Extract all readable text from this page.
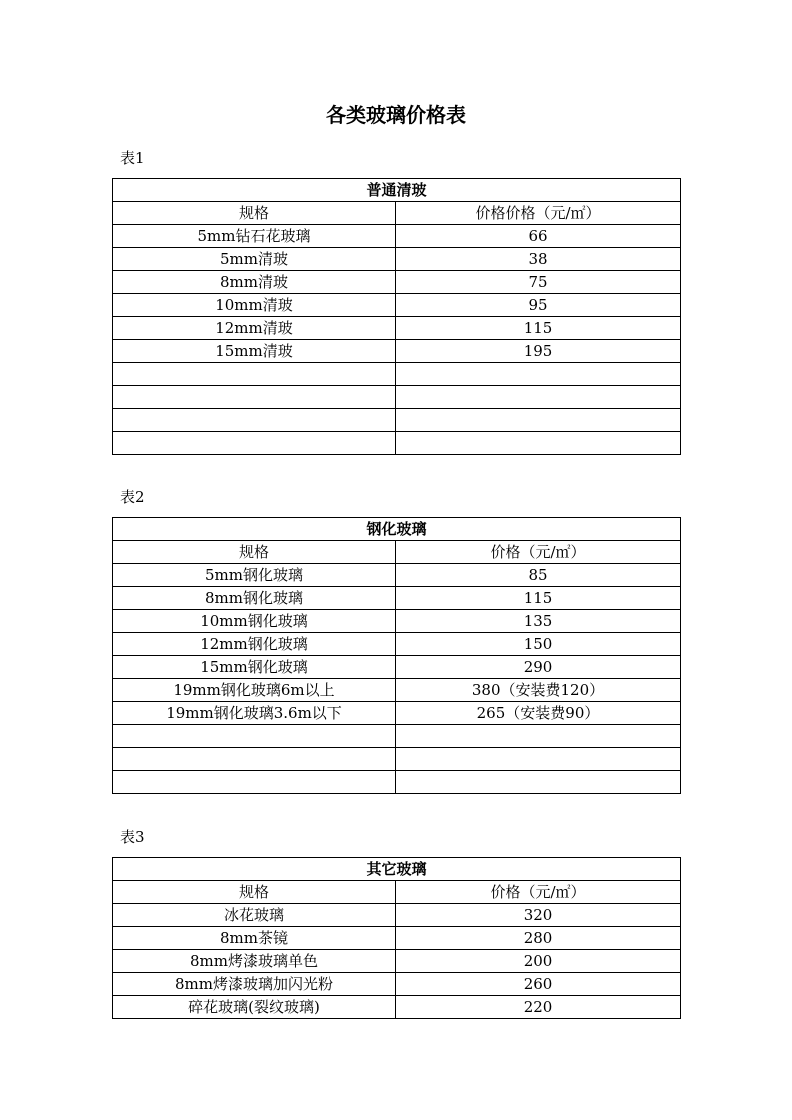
各类玻璃价格表
表1
普通清玻	
规格	价格价格（元/㎡）
5mm钻石花玻璃	66
5mm清玻	38
8mm清玻	75
10mm清玻	95
12mm清玻	115
15mm清玻	195

表2
钢化玻璃	
规格	价格（元/㎡）
5mm钢化玻璃	85
8mm钢化玻璃	115
10mm钢化玻璃	135
12mm钢化玻璃	150
15mm钢化玻璃	290
19mm钢化玻璃6m以上	380（安装费120）
19mm钢化玻璃3.6m以下	265（安装费90）

表3
其它玻璃	
规格	价格（元/㎡）
冰花玻璃	320
8mm茶镜	280
8mm烤漆玻璃单色	200
8mm烤漆玻璃加闪光粉	260
碎花玻璃(裂纹玻璃)	220
